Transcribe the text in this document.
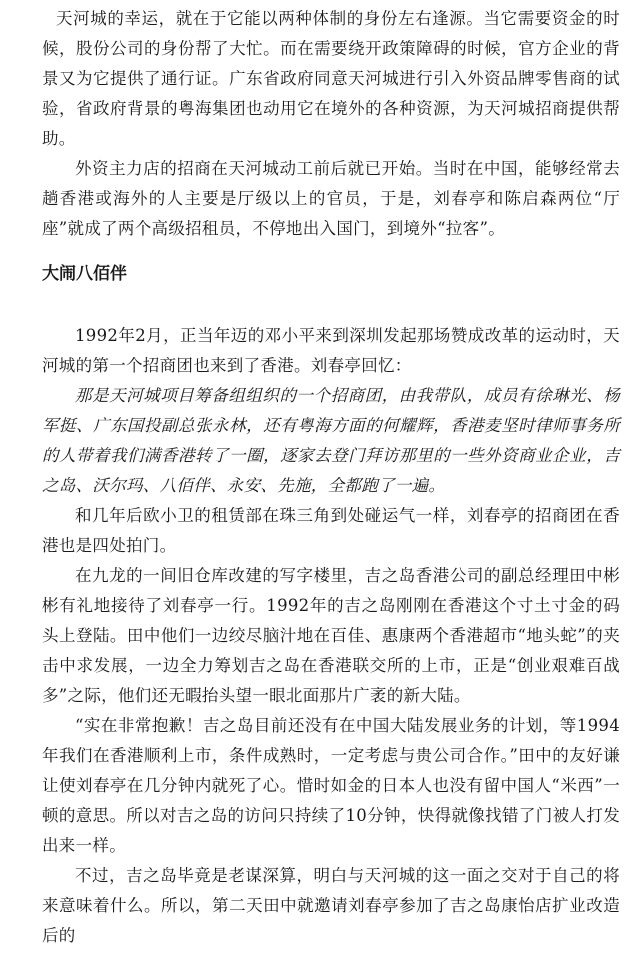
天河城的幸运，就在于它能以两种体制的身份左右逢源。当它需要资金的时候，股份公司的身份帮了大忙。而在需要绕开政策障碍的时候，官方企业的背景又为它提供了通行证。广东省政府同意天河城进行引入外资品牌零售商的试验，省政府背景的粤海集团也动用它在境外的各种资源，为天河城招商提供帮助。

外资主力店的招商在天河城动工前后就已开始。当时在中国，能够经常去趟香港或海外的人主要是厅级以上的官员，于是，刘春亭和陈启森两位“厅座”就成了两个高级招租员，不停地出入国门，到境外“拉客”。

大闹八佰伴

1992年2月，正当年迈的邓小平来到深圳发起那场赞成改革的运动时，天河城的第一个招商团也来到了香港。刘春亭回忆：

那是天河城项目筹备组组织的一个招商团，由我带队，成员有徐琳光、杨军挺、广东国投副总张永林，还有粤海方面的何耀辉，香港麦坚时律师事务所的人带着我们满香港转了一圈，逐家去登门拜访那里的一些外资商业企业，吉之岛、沃尔玛、八佰伴、永安、先施，全都跑了一遍。

和几年后欧小卫的租赁部在珠三角到处碰运气一样，刘春亭的招商团在香港也是四处拍门。

在九龙的一间旧仓库改建的写字楼里，吉之岛香港公司的副总经理田中彬彬有礼地接待了刘春亭一行。1992年的吉之岛刚刚在香港这个寸土寸金的码头上登陆。田中他们一边绞尽脑汁地在百佳、惠康两个香港超市“地头蛇”的夹击中求发展，一边全力筹划吉之岛在香港联交所的上市，正是“创业艰难百战多”之际，他们还无暇抬头望一眼北面那片广袤的新大陆。

“实在非常抱歉！吉之岛目前还没有在中国大陆发展业务的计划，等1994年我们在香港顺利上市，条件成熟时，一定考虑与贵公司合作。”田中的友好谦让使刘春亭在几分钟内就死了心。惜时如金的日本人也没有留中国人“米西”一顿的意思。所以对吉之岛的访问只持续了10分钟，快得就像找错了门被人打发出来一样。

不过，吉之岛毕竟是老谋深算，明白与天河城的这一面之交对于自己的将来意味着什么。所以，第二天田中就邀请刘春亭参加了吉之岛康怡店扩业改造后的
